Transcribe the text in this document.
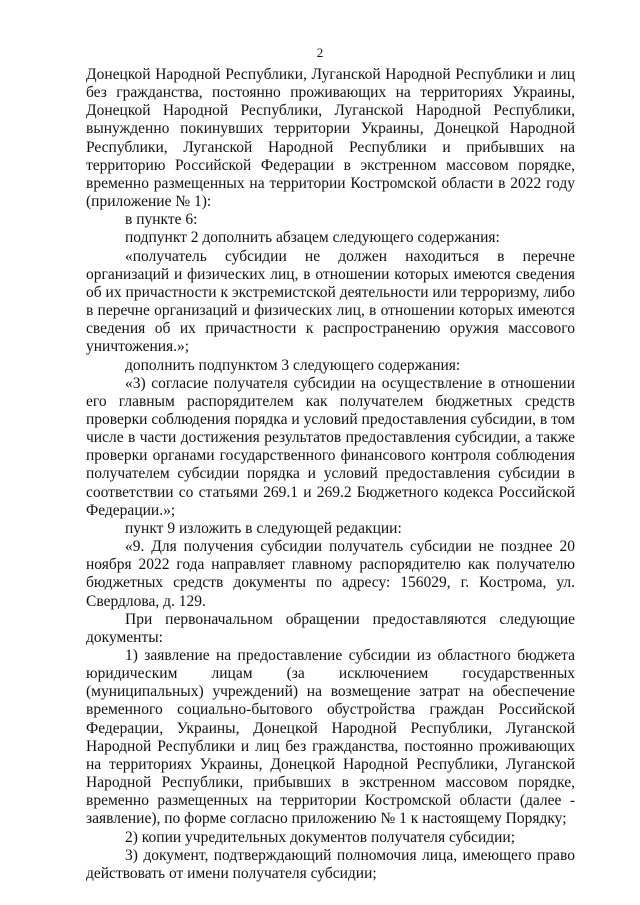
2

Донецкой Народной Республики, Луганской Народной Республики и лиц без гражданства, постоянно проживающих на территориях Украины, Донецкой Народной Республики, Луганской Народной Республики, вынужденно покинувших территории Украины, Донецкой Народной Республики, Луганской Народной Республики и прибывших на территорию Российской Федерации в экстренном массовом порядке, временно размещенных на территории Костромской области в 2022 году (приложение № 1):

в пункте 6:

подпункт 2 дополнить абзацем следующего содержания:

«получатель субсидии не должен находиться в перечне организаций и физических лиц, в отношении которых имеются сведения об их причастности к экстремистской деятельности или терроризму, либо в перечне организаций и физических лиц, в отношении которых имеются сведения об их причастности к распространению оружия массового уничтожения.»;

дополнить подпунктом 3 следующего содержания:

«3) согласие получателя субсидии на осуществление в отношении его главным распорядителем как получателем бюджетных средств проверки соблюдения порядка и условий предоставления субсидии, в том числе в части достижения результатов предоставления субсидии, а также проверки органами государственного финансового контроля соблюдения получателем субсидии порядка и условий предоставления субсидии в соответствии со статьями 269.1 и 269.2 Бюджетного кодекса Российской Федерации.»;

пункт 9 изложить в следующей редакции:

«9. Для получения субсидии получатель субсидии не позднее 20 ноября 2022 года направляет главному распорядителю как получателю бюджетных средств документы по адресу: 156029, г. Кострома, ул. Свердлова, д. 129.

При первоначальном обращении предоставляются следующие документы:

1) заявление на предоставление субсидии из областного бюджета юридическим лицам (за исключением государственных (муниципальных) учреждений) на возмещение затрат на обеспечение временного социально-бытового обустройства граждан Российской Федерации, Украины, Донецкой Народной Республики, Луганской Народной Республики и лиц без гражданства, постоянно проживающих на территориях Украины, Донецкой Народной Республики, Луганской Народной Республики, прибывших в экстренном массовом порядке, временно размещенных на территории Костромской области (далее - заявление), по форме согласно приложению № 1 к настоящему Порядку;

2) копии учредительных документов получателя субсидии;

3) документ, подтверждающий полномочия лица, имеющего право действовать от имени получателя субсидии;
